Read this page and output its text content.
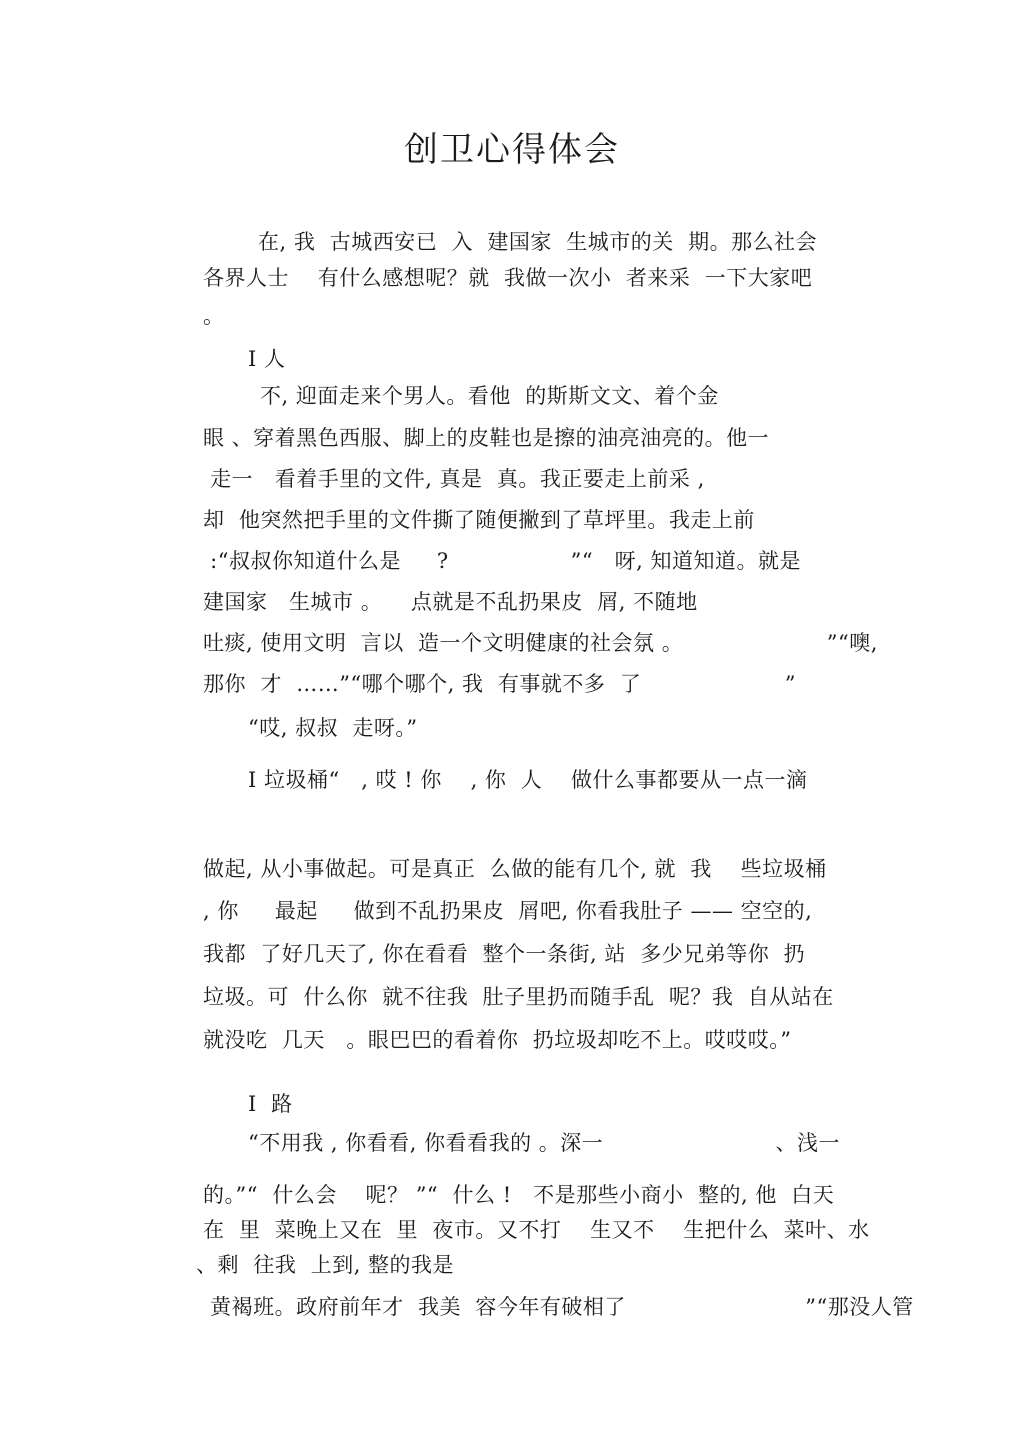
创卫心得体会
在, 我  古城西安已  入  建国家  生城市的关  期。那么社会
各界人士    有什么感想呢？就  我做一次小  者来采  一下大家吧
。
I 人
不, 迎面走来个男人。看他  的斯斯文文、着个金
眼 、穿着黑色西服、脚上的皮鞋也是擦的油亮油亮的。他一
走一   看着手里的文件, 真是  真。我正要走上前采 ,
却  他突然把手里的文件撕了随便撇到了草坪里。我走上前
:“叔叔你知道什么是     ?                 ”“   呀, 知道知道。就是
建国家   生城市 。    点就是不乱扔果皮  屑, 不随地
吐痰, 使用文明  言以  造一个文明健康的社会氛 。                    ”“噢,
那你  才  ……”“哪个哪个, 我  有事就不多  了                    ”
“哎, 叔叔  走呀。”
I 垃圾桶“   , 哎 ! 你    , 你  人    做什么事都要从一点一滴
做起, 从小事做起。可是真正  么做的能有几个, 就  我    些垃圾桶
, 你     最起     做到不乱扔果皮  屑吧, 你看我肚子 —— 空空的,
我都  了好几天了, 你在看看  整个一条街, 站  多少兄弟等你  扔
垃圾。可  什么你  就不往我  肚子里扔而随手乱  呢？我  自从站在
就没吃  几天   。眼巴巴的看着你  扔垃圾却吃不上。哎哎哎。”
I  路
“不用我 , 你看看, 你看看我的 。深一                        、浅一
的。”“  什么会    呢？ ”“  什么 !   不是那些小商小  整的, 他  白天
在  里  菜晚上又在  里  夜市。又不打    生又不    生把什么  菜叶、水
、剩  往我  上到, 整的我是
黄褐班。政府前年才  我美  容今年有破相了                         ”“那没人管
